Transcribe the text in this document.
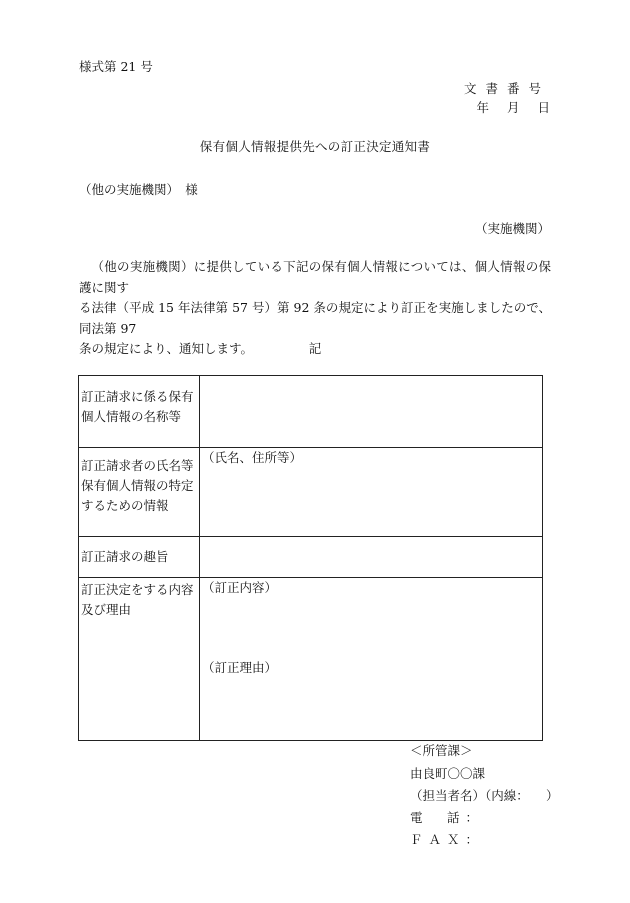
様式第 21 号
文書番号
年 月 日
保有個人情報提供先への訂正決定通知書
（他の実施機関）　様
（実施機関）
（他の実施機関）に提供している下記の保有個人情報については、個人情報の保護に関す
る法律（平成 15 年法律第 57 号）第 92 条の規定により訂正を実施しましたので、同法第 97
条の規定により、通知します。	記
訂正請求に係る保有個人情報の名称等	
訂正請求者の氏名等保有個人情報の特定するための情報	（氏名、住所等）

訂正請求の趣旨	
訂正決定をする内容及び理由	（訂正内容）
（訂正理由）
＜所管課＞
由良町〇〇課
（担当者名）（内線： ）
電　話：
ＦＡＸ：
